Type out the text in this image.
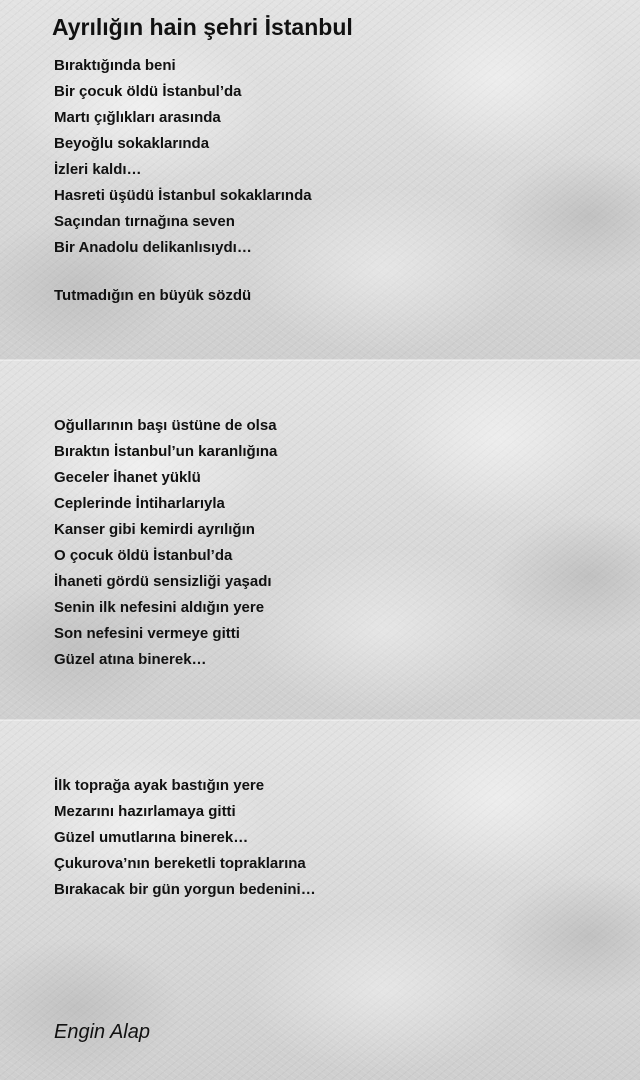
Ayrılığın hain şehri İstanbul
Bıraktığında beni
Bir çocuk öldü İstanbul’da
Martı çığlıkları arasında
Beyoğlu sokaklarında
İzleri kaldı…
Hasreti üşüdü İstanbul sokaklarında
Saçından tırnağına seven
Bir Anadolu delikanlısıydı…
Tutmadığın en büyük sözdü
Oğullarının başı üstüne de olsa
Bıraktın İstanbul’un karanlığına
Geceler İhanet yüklü
Ceplerinde İntiharlarıyla
Kanser gibi kemirdi ayrılığın
O çocuk öldü İstanbul’da
İhaneti gördü sensizliği yaşadı
Senin ilk nefesini aldığın yere
Son nefesini vermeye gitti
Güzel atına binerek…
İlk toprağa ayak bastığın yere
Mezarını hazırlamaya gitti
Güzel umutlarına binerek…
Çukurova’nın bereketli topraklarına
Bırakacak bir gün yorgun bedenini…
Engin Alap
